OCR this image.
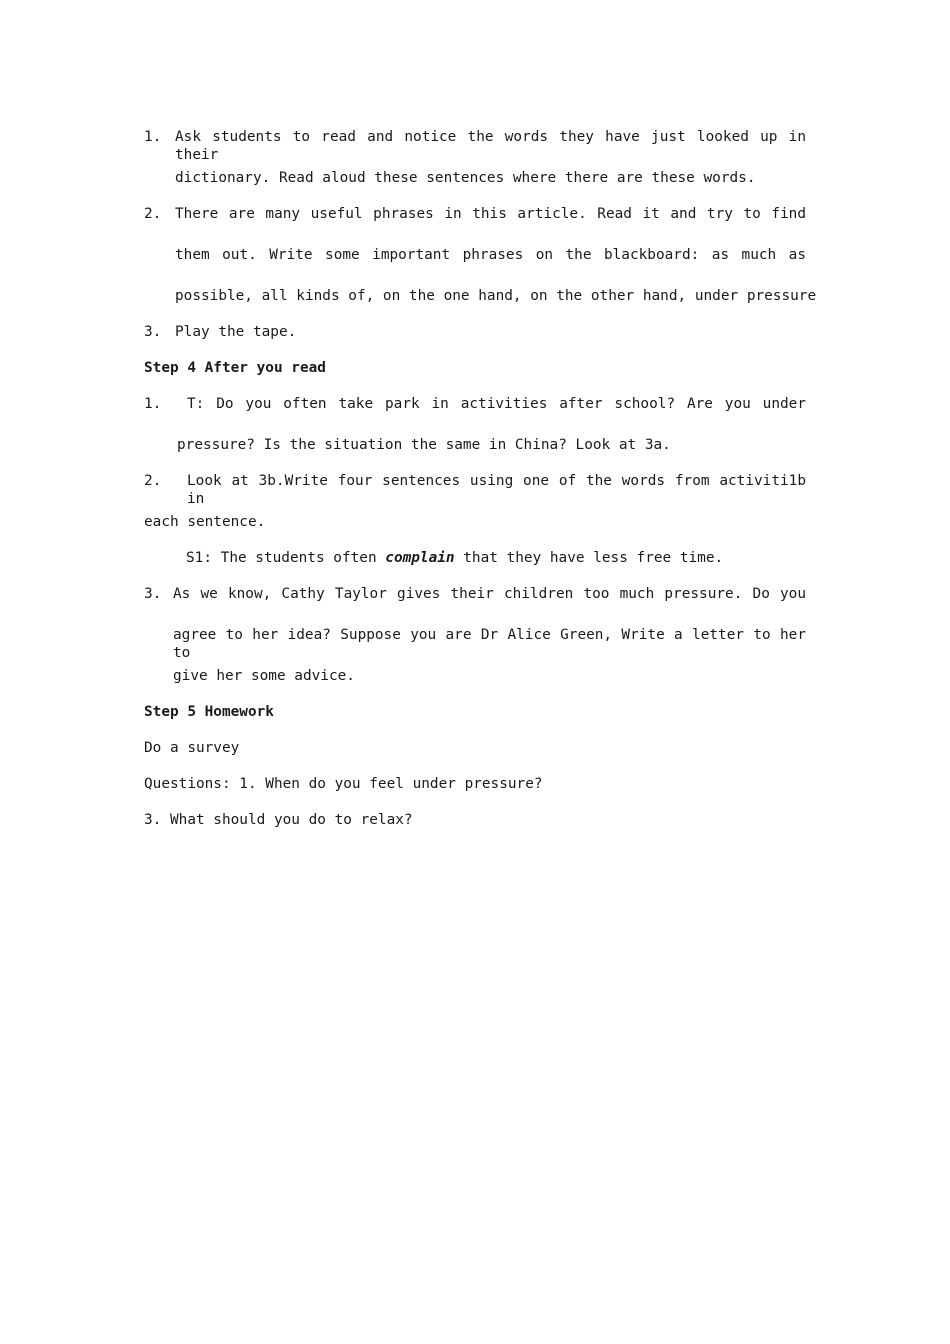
1. Ask students to read and notice the words they have just looked up in their
dictionary. Read aloud these sentences where there are these words.
2. There are many useful phrases in this article. Read it and try to find
them out. Write some important phrases on the blackboard: as much as
possible, all kinds of, on the one hand, on the other hand, under pressure
3. Play the tape.
Step 4 After you read
1. T: Do you often take park in activities after school? Are you under
pressure? Is the situation the same in China? Look at 3a.
2. Look at 3b.Write four sentences using one of the words from activiti1b in
each sentence.
S1: The students often complain that they have less free time.
3. As we know, Cathy Taylor gives their children too much pressure. Do you
agree to her idea? Suppose you are Dr Alice Green, Write a letter to her to
give her some advice.
Step 5 Homework
Do a survey
Questions: 1. When do you feel under pressure?
3. What should you do to relax?
